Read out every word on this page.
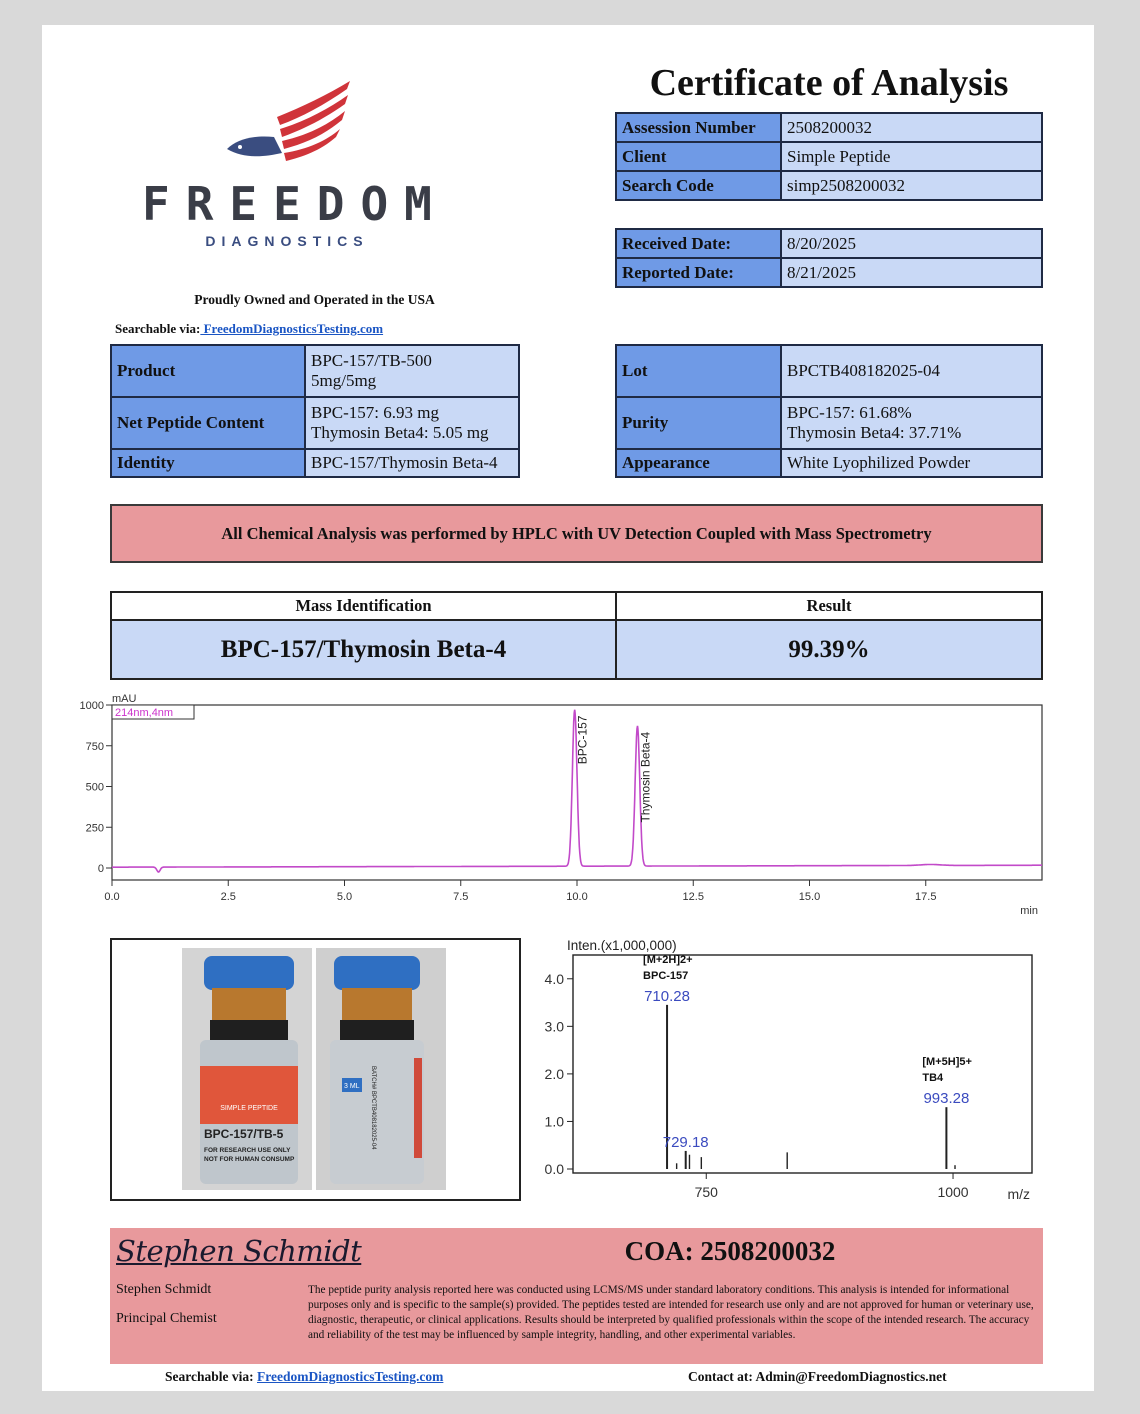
FREEDOM
DIAGNOSTICS
Proudly Owned and Operated in the USA
Searchable via: FreedomDiagnosticsTesting.com
Certificate of Analysis
Assession Number	2508200032
Client	Simple Peptide
Search Code	simp2508200032
Received Date:	8/20/2025
Reported Date:	8/21/2025
Product	BPC-157/TB-500
5mg/5mg

Net Peptide Content	BPC-157: 6.93 mg
Thymosin Beta4: 5.05 mg

Identity	BPC-157/Thymosin Beta-4
Lot	BPCTB408182025-04
Purity	BPC-157: 61.68%
Thymosin Beta4: 37.71%

Appearance	White Lyophilized Powder
All Chemical Analysis was performed by HPLC with UV Detection Coupled with Mass Spectrometry
Mass Identification	Result
BPC-157/Thymosin Beta-4	99.39%
mAU
214nm,4nm
min
0.0	2.5	5.0	7.5	10.0	12.5	15.0	17.5
0
250
500
750
1000
BPC-157	Thymosin Beta-4
SIMPLE PEPTIDE
BPC-157/TB-5
FOR RESEARCH USE ONLY
NOT FOR HUMAN CONSUMP
3 ML BATCH# BPCTB408182025-04
Inten.(x1,000,000)
m/z
0.0
1.0
2.0
3.0
4.0
750	1000
710.28
BPC-157
[M+2H]2+
729.18
993.28
TB4
[M+5H]5+
Stephen Schmidt	COA: 2508200032
Stephen Schmidt
Principal Chemist
The peptide purity analysis reported here was conducted using LCMS/MS under standard laboratory conditions. This analysis is intended for informational purposes only and is specific to the sample(s) provided. The peptides tested are intended for research use only and are not approved for human or veterinary use, diagnostic, therapeutic, or clinical applications. Results should be interpreted by qualified professionals within the scope of the intended research. The accuracy and reliability of the test may be influenced by sample integrity, handling, and other experimental variables.
Searchable via: FreedomDiagnosticsTesting.com	Contact at: Admin@FreedomDiagnostics.net
